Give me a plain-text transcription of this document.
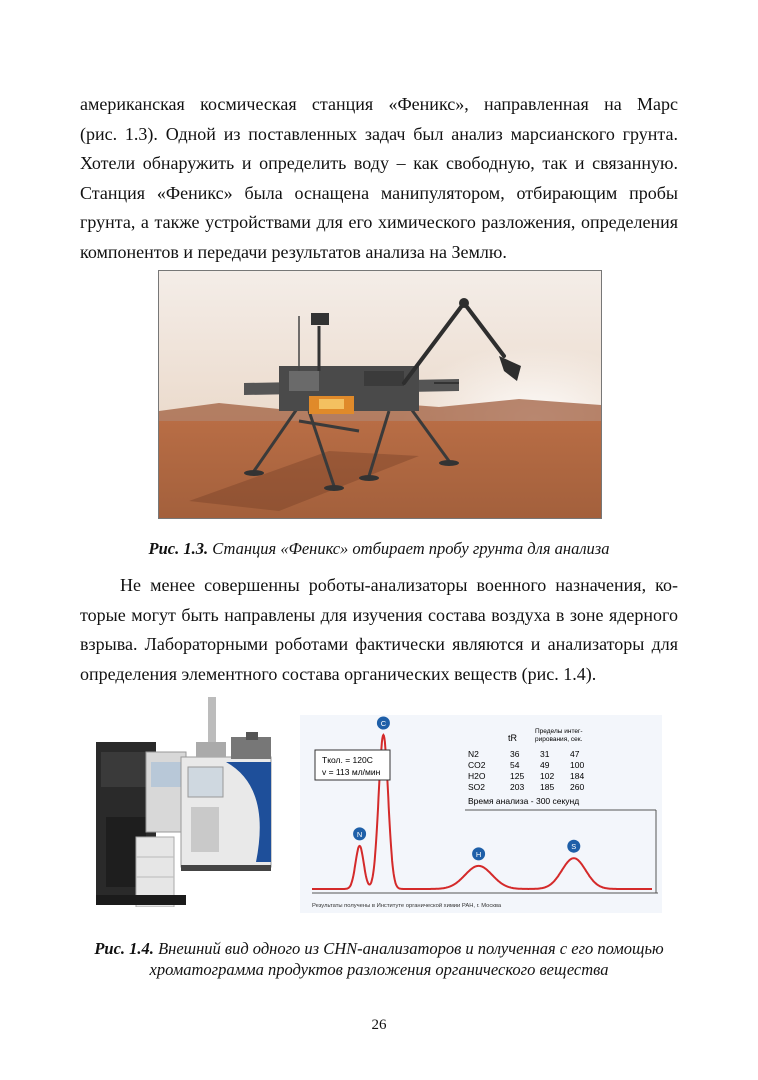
американская космическая станция «Феникс», направленная на Марс
(рис. 1.3). Одной из поставленных задач был анализ марсианского грунта.
Хотели обнаружить и определить воду – как свободную, так и связанную.
Станция «Феникс» была оснащена манипулятором, отбирающим пробы
грунта, а также устройствами для его химического разложения, определения
компонентов и передачи результатов анализа на Землю.

Рис. 1.3. Станция «Феникс» отбирает пробу грунта для анализа

Не менее совершенны роботы-анализаторы военного назначения, ко-
торые могут быть направлены для изучения состава воздуха в зоне ядерного
взрыва. Лабораторными роботами фактически являются и анализаторы для
определения элементного состава органических веществ (рис. 1.4).
N
C
H
S
Tкол. = 120C
v = 113 мл/мин
tR
Пределы интег-
рирования, сек.
N2	36 31 47
CO2	54 49 100
H2O	125 102 184
SO2	203 185 260
Время анализа - 300 секунд
Результаты получены в Институте органической химии РАН, г. Москва

Рис. 1.4. Внешний вид одного из CHN-анализаторов и полученная с его помощью
хроматограмма продуктов разложения органического вещества

26
